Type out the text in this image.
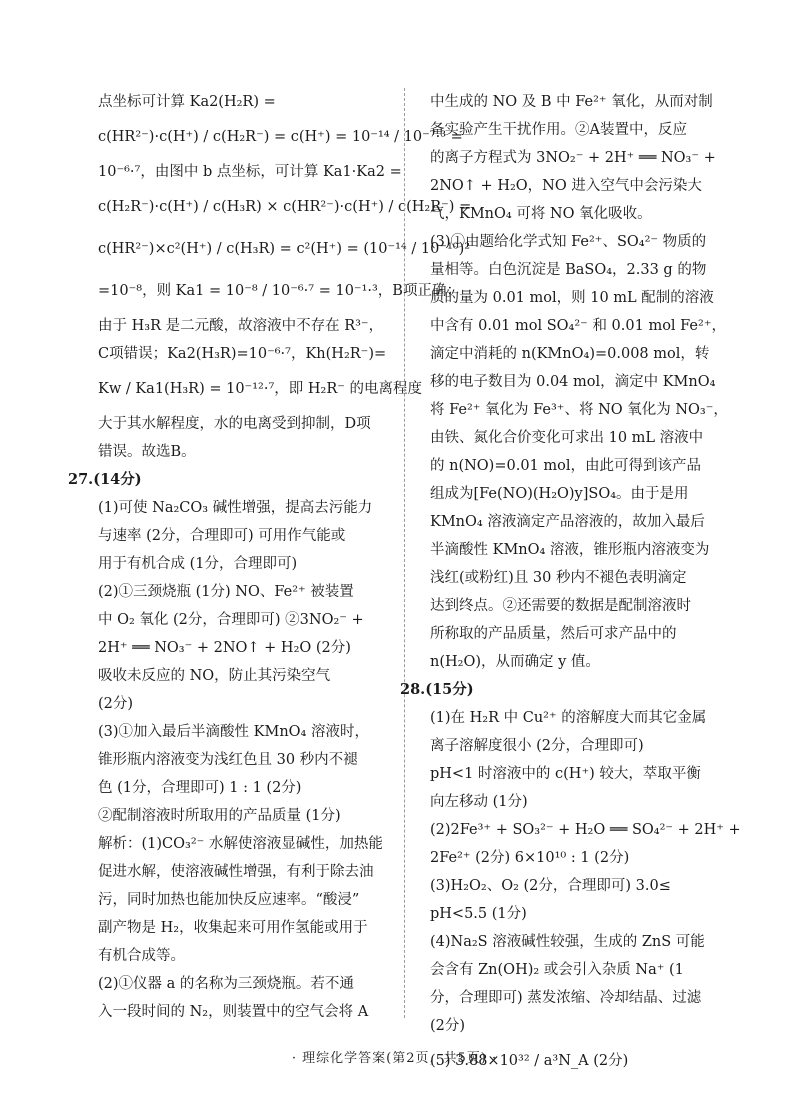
点坐标可计算 Ka2(H₂R) =
c(HR²⁻)·c(H⁺) / c(H₂R⁻) = c(H⁺) = 10⁻¹⁴ / 10⁻⁷·³ =
10⁻⁶·⁷，由图中 b 点坐标，可计算 Ka1·Ka2 =
c(H₂R⁻)·c(H⁺) / c(H₃R) × c(HR²⁻)·c(H⁺) / c(H₂R⁻) =
c(HR²⁻)×c²(H⁺) / c(H₃R) = c²(H⁺) = (10⁻¹⁴ / 10⁻¹⁰)²
=10⁻⁸，则 Ka1 = 10⁻⁸ / 10⁻⁶·⁷ = 10⁻¹·³，B项正确；
由于 H₃R 是二元酸，故溶液中不存在 R³⁻，
C项错误；Ka2(H₃R)=10⁻⁶·⁷，Kh(H₂R⁻)=
Kw / Ka1(H₃R) = 10⁻¹²·⁷，即 H₂R⁻ 的电离程度
大于其水解程度，水的电离受到抑制，D项
错误。故选B。
27.(14分)
(1)可使 Na₂CO₃ 碱性增强，提高去污能力
与速率 (2分，合理即可) 可用作气能或
用于有机合成 (1分，合理即可)
(2)①三颈烧瓶 (1分) NO、Fe²⁺ 被装置
中 O₂ 氧化 (2分，合理即可) ②3NO₂⁻ +
2H⁺ ══ NO₃⁻ + 2NO↑ + H₂O (2分)
吸收未反应的 NO，防止其污染空气
(2分)
(3)①加入最后半滴酸性 KMnO₄ 溶液时，
锥形瓶内溶液变为浅红色且 30 秒内不褪
色 (1分，合理即可) 1 : 1 (2分)
②配制溶液时所取用的产品质量 (1分)
解析：(1)CO₃²⁻ 水解使溶液显碱性，加热能
促进水解，使溶液碱性增强，有利于除去油
污，同时加热也能加快反应速率。“酸浸”
副产物是 H₂，收集起来可用作氢能或用于
有机合成等。
(2)①仪器 a 的名称为三颈烧瓶。若不通
入一段时间的 N₂，则装置中的空气会将 A
中生成的 NO 及 B 中 Fe²⁺ 氧化，从而对制
备实验产生干扰作用。②A装置中，反应
的离子方程式为 3NO₂⁻ + 2H⁺ ══ NO₃⁻ +
2NO↑ + H₂O，NO 进入空气中会污染大
气，KMnO₄ 可将 NO 氧化吸收。
(3)①由题给化学式知 Fe²⁺、SO₄²⁻ 物质的
量相等。白色沉淀是 BaSO₄，2.33 g 的物
质的量为 0.01 mol，则 10 mL 配制的溶液
中含有 0.01 mol SO₄²⁻ 和 0.01 mol Fe²⁺，
滴定中消耗的 n(KMnO₄)=0.008 mol，转
移的电子数目为 0.04 mol，滴定中 KMnO₄
将 Fe²⁺ 氧化为 Fe³⁺、将 NO 氧化为 NO₃⁻，
由铁、氮化合价变化可求出 10 mL 溶液中
的 n(NO)=0.01 mol，由此可得到该产品
组成为[Fe(NO)(H₂O)y]SO₄。由于是用
KMnO₄ 溶液滴定产品溶液的，故加入最后
半滴酸性 KMnO₄ 溶液，锥形瓶内溶液变为
浅红(或粉红)且 30 秒内不褪色表明滴定
达到终点。②还需要的数据是配制溶液时
所称取的产品质量，然后可求产品中的
n(H₂O)，从而确定 y 值。
28.(15分)
(1)在 H₂R 中 Cu²⁺ 的溶解度大而其它金属
离子溶解度很小 (2分，合理即可)
pH<1 时溶液中的 c(H⁺) 较大，萃取平衡
向左移动 (1分)
(2)2Fe³⁺ + SO₃²⁻ + H₂O ══ SO₄²⁻ + 2H⁺ +
2Fe²⁺ (2分) 6×10¹⁰ : 1 (2分)
(3)H₂O₂、O₂ (2分，合理即可) 3.0≤
pH<5.5 (1分)
(4)Na₂S 溶液碱性较强，生成的 ZnS 可能
会含有 Zn(OH)₂ 或会引入杂质 Na⁺ (1
分，合理即可) 蒸发浓缩、冷却结晶、过滤
(2分)
(5) 3.88×10³² / a³N_A (2分)
· 理综化学答案(第2页，共5页) ·
